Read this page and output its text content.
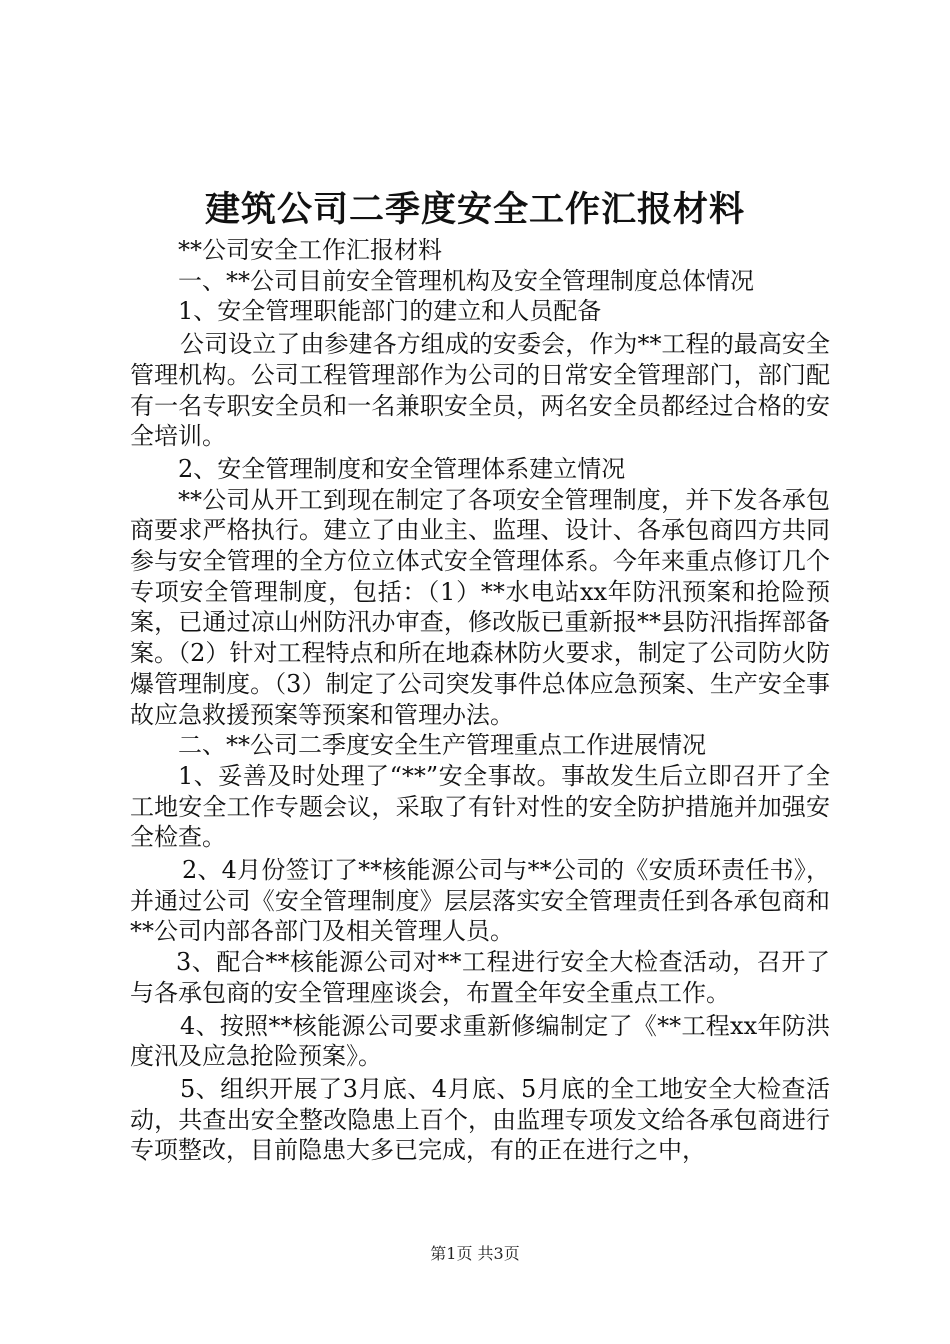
建筑公司二季度安全工作汇报材料

**公司安全工作汇报材料

一、**公司目前安全管理机构及安全管理制度总体情况

1、安全管理职能部门的建立和人员配备

公司设立了由参建各方组成的安委会，作为**工程的最高安全管理机构。公司工程管理部作为公司的日常安全管理部门，部门配有一名专职安全员和一名兼职安全员，两名安全员都经过合格的安全培训。

2、安全管理制度和安全管理体系建立情况

**公司从开工到现在制定了各项安全管理制度，并下发各承包商要求严格执行。建立了由业主、监理、设计、各承包商四方共同参与安全管理的全方位立体式安全管理体系。今年来重点修订几个专项安全管理制度，包括：（1）**水电站xx年防汛预案和抢险预案，已通过凉山州防汛办审查，修改版已重新报**县防汛指挥部备案。（2）针对工程特点和所在地森林防火要求，制定了公司防火防爆管理制度。（3）制定了公司突发事件总体应急预案、生产安全事故应急救援预案等预案和管理办法。

二、**公司二季度安全生产管理重点工作进展情况

1、妥善及时处理了“**”安全事故。事故发生后立即召开了全工地安全工作专题会议，采取了有针对性的安全防护措施并加强安全检查。

2、4月份签订了**核能源公司与**公司的《安质环责任书》，并通过公司《安全管理制度》层层落实安全管理责任到各承包商和**公司内部各部门及相关管理人员。

3、配合**核能源公司对**工程进行安全大检查活动，召开了与各承包商的安全管理座谈会，布置全年安全重点工作。

4、按照**核能源公司要求重新修编制定了《**工程xx年防洪度汛及应急抢险预案》。

5、组织开展了3月底、4月底、5月底的全工地安全大检查活动，共查出安全整改隐患上百个，由监理专项发文给各承包商进行专项整改，目前隐患大多已完成，有的正在进行之中，

第1页 共3页
